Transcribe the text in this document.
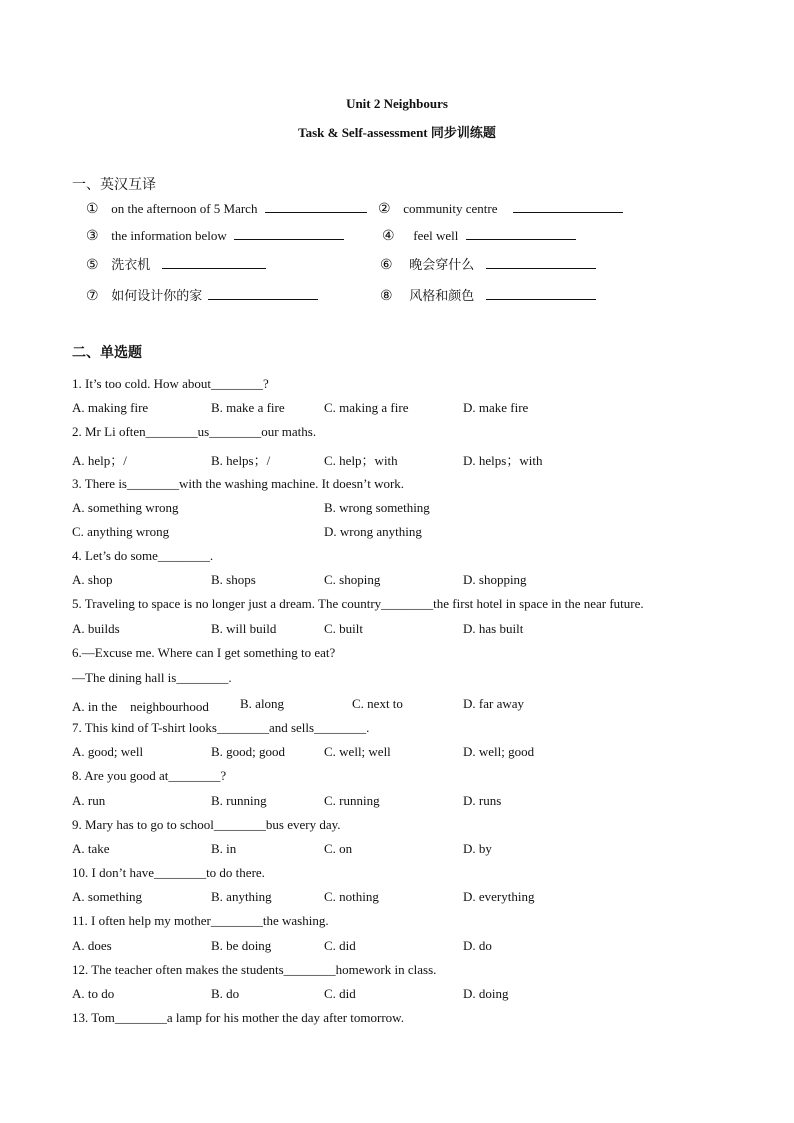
Unit 2 Neighbours
Task & Self-assessment 同步训练题
一、英汉互译
① on the afternoon of 5 March	② community centre
③ the information below	④ feel well
⑤ 洗衣机	⑥ 晚会穿什么
⑦ 如何设计你的家	⑧ 风格和颜色
二、单选题
1. It’s too cold. How about________?
A. making fire	B. make a fire	C. making a fire	D. make fire
2. Mr Li often________us________our maths.
A. help；/	B. helps；/	C. help；with	D. helps；with
3. There is________with the washing machine. It doesn’t work.
A. something wrong	B. wrong something
C. anything wrong	D. wrong anything
4. Let’s do some________.
A. shop	B. shops	C. shoping	D. shopping
5. Traveling to space is no longer just a dream. The country________the first hotel in space in the near future.
A. builds	B. will build	C. built	D. has built
6.—Excuse me. Where can I get something to eat?
—The dining hall is________.
A. in the　neighbourhood B. along	C. next to	D. far away
7. This kind of T-shirt looks________and sells________.
A. good; well	B. good; good	C. well; well	D. well; good
8. Are you good at________?
A. run	B. running	C. running	D. runs
9. Mary has to go to school________bus every day.
A. take	B. in	C. on	D. by
10. I don’t have________to do there.
A. something	B. anything	C. nothing	D. everything
11. I often help my mother________the washing.
A. does	B. be doing	C. did	D. do
12. The teacher often makes the students________homework in class.
A. to do	B. do	C. did	D. doing
13. Tom________a lamp for his mother the day after tomorrow.
